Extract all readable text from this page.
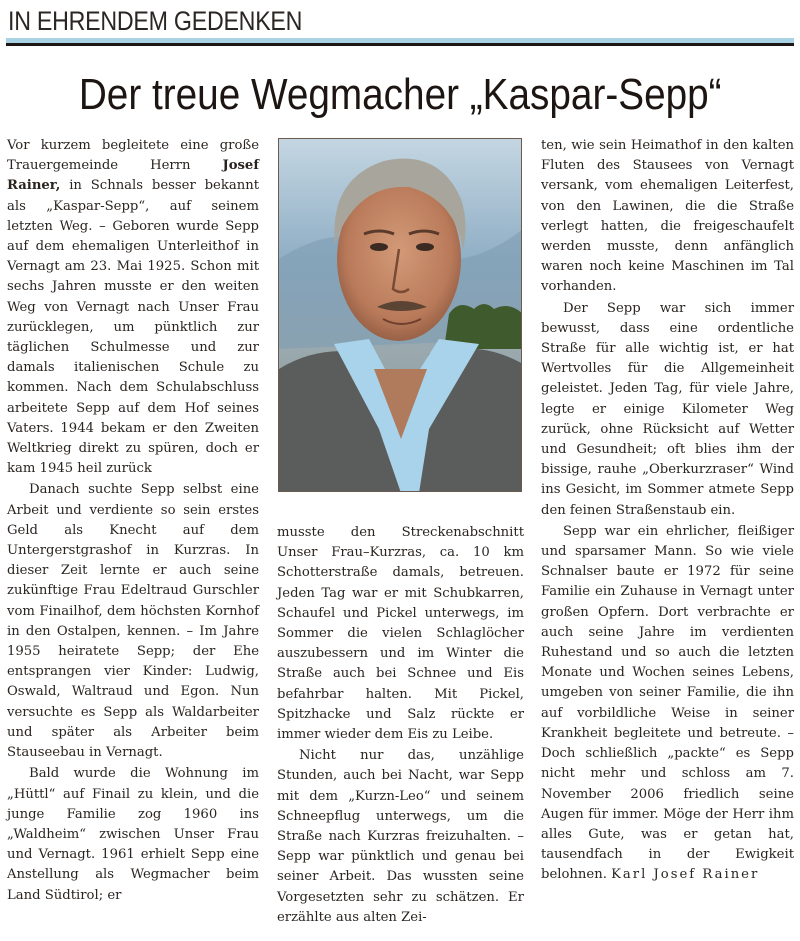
IN EHRENDEM GEDENKEN
Der treue Wegmacher „Kaspar-Sepp“

Vor kurzem begleitete eine große Trauergemeinde Herrn Josef Rainer, in Schnals besser bekannt als „Kaspar-Sepp“, auf seinem letzten Weg. – Geboren wurde Sepp auf dem ehemaligen Unterleithof in Vernagt am 23. Mai 1925. Schon mit sechs Jahren musste er den weiten Weg von Vernagt nach Unser Frau zurücklegen, um pünktlich zur täglichen Schulmesse und zur damals italienischen Schule zu kommen. Nach dem Schulabschluss arbeitete Sepp auf dem Hof seines Vaters. 1944 bekam er den Zweiten Weltkrieg direkt zu spüren, doch er kam 1945 heil zurück

Danach suchte Sepp selbst eine Arbeit und verdiente so sein erstes Geld als Knecht auf dem Untergerstgrashof in Kurzras. In dieser Zeit lernte er auch seine zukünftige Frau Edeltraud Gurschler vom Finailhof, dem höchsten Kornhof in den Ostalpen, kennen. – Im Jahre 1955 heiratete Sepp; der Ehe entsprangen vier Kinder: Ludwig, Oswald, Waltraud und Egon. Nun versuchte es Sepp als Waldarbeiter und später als Arbeiter beim Stauseebau in Vernagt.

Bald wurde die Wohnung im „Hüttl“ auf Finail zu klein, und die junge Familie zog 1960 ins „Waldheim“ zwischen Unser Frau und Vernagt. 1961 erhielt Sepp eine Anstellung als Wegmacher beim Land Südtirol; er

musste den Streckenabschnitt Unser Frau–Kurzras, ca. 10 km Schotterstraße damals, betreuen. Jeden Tag war er mit Schubkarren, Schaufel und Pickel unterwegs, im Sommer die vielen Schlaglöcher auszubessern und im Winter die Straße auch bei Schnee und Eis befahrbar halten. Mit Pickel, Spitzhacke und Salz rückte er immer wieder dem Eis zu Leibe.

Nicht nur das, unzählige Stunden, auch bei Nacht, war Sepp mit dem „Kurzn-Leo“ und seinem Schneepflug unterwegs, um die Straße nach Kurzras freizuhalten. – Sepp war pünktlich und genau bei seiner Arbeit. Das wussten seine Vorgesetzten sehr zu schätzen. Er erzählte aus alten Zei-

ten, wie sein Heimathof in den kalten Fluten des Stausees von Vernagt versank, vom ehemaligen Leiterfest, von den Lawinen, die die Straße verlegt hatten, die freigeschaufelt werden musste, denn anfänglich waren noch keine Maschinen im Tal vorhanden.

Der Sepp war sich immer bewusst, dass eine ordentliche Straße für alle wichtig ist, er hat Wertvolles für die Allgemeinheit geleistet. Jeden Tag, für viele Jahre, legte er einige Kilometer Weg zurück, ohne Rücksicht auf Wetter und Gesundheit; oft blies ihm der bissige, rauhe „Oberkurzraser“ Wind ins Gesicht, im Sommer atmete Sepp den feinen Straßenstaub ein.

Sepp war ein ehrlicher, fleißiger und sparsamer Mann. So wie viele Schnalser baute er 1972 für seine Familie ein Zuhause in Vernagt unter großen Opfern. Dort verbrachte er auch seine Jahre im verdienten Ruhestand und so auch die letzten Monate und Wochen seines Lebens, umgeben von seiner Familie, die ihn auf vorbildliche Weise in seiner Krankheit begleitete und betreute. – Doch schließlich „packte“ es Sepp nicht mehr und schloss am 7. November 2006 friedlich seine Augen für immer. Möge der Herr ihm alles Gute, was er getan hat, tausendfach in der Ewigkeit belohnen. Karl Josef Rainer
